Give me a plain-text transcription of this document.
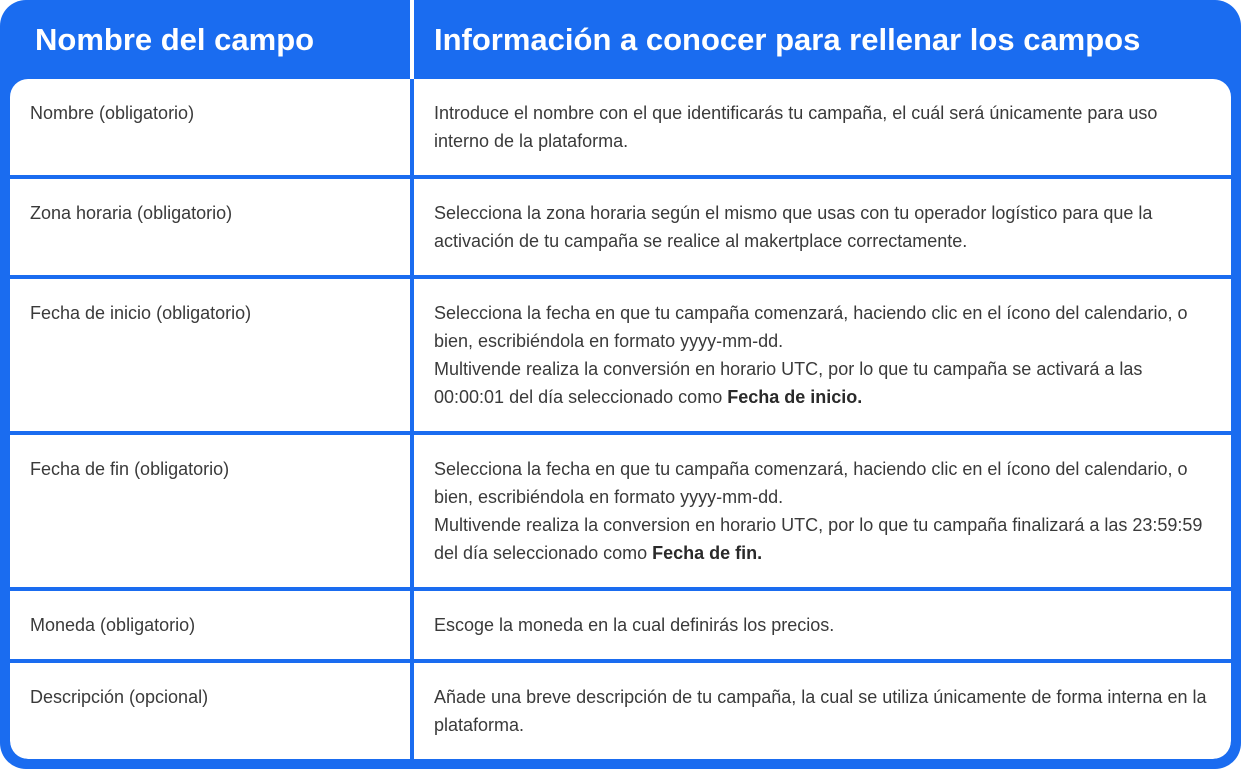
Nombre del campo	Información a conocer para rellenar los campos
Nombre (obligatorio)	Introduce el nombre con el que identificarás tu campaña, el cuál será únicamente para uso interno de la plataforma.

Zona horaria (obligatorio)	Selecciona la zona horaria según el mismo que usas con tu operador logístico para que la activación de tu campaña se realice al makertplace correctamente.

Fecha de inicio (obligatorio)	Selecciona la fecha en que tu campaña comenzará, haciendo clic en el ícono del calendario, o bien, escribiéndola en formato yyyy-mm-dd.

Multivende realiza la conversión en horario UTC, por lo que tu campaña se activará a las 00:00:01 del día seleccionado como Fecha de inicio.

Fecha de fin (obligatorio)	Selecciona la fecha en que tu campaña comenzará, haciendo clic en el ícono del calendario, o bien, escribiéndola en formato yyyy-mm-dd.

Multivende realiza la conversion en horario UTC, por lo que tu campaña finalizará a las 23:59:59 del día seleccionado como Fecha de fin.

Moneda (obligatorio)	Escoge la moneda en la cual definirás los precios.

Descripción (opcional)	Añade una breve descripción de tu campaña, la cual se utiliza únicamente de forma interna en la plataforma.
